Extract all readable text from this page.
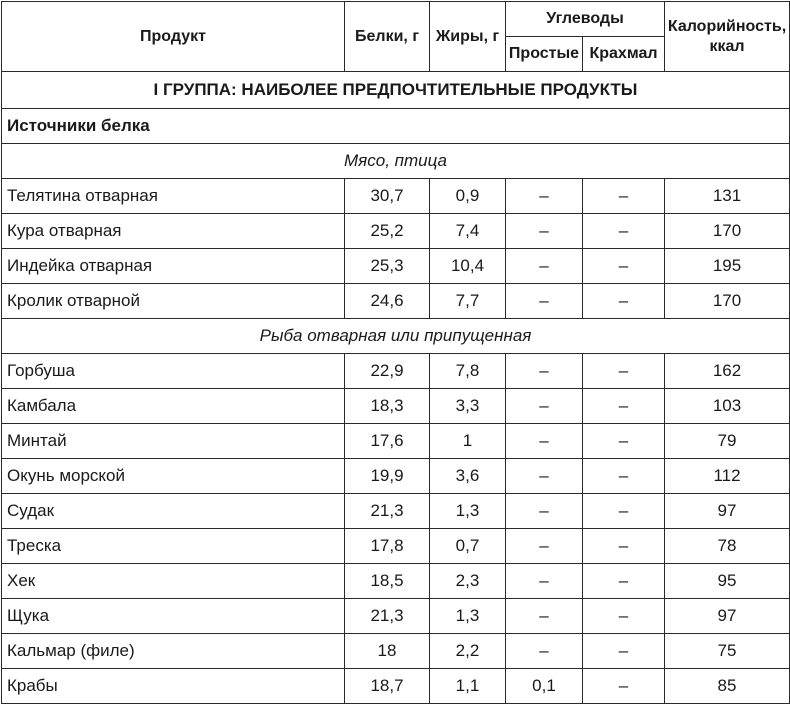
Продукт	Белки, г	Жиры, г	Углеводы		Калорийность,
ккал
			Простые	Крахмал	
I ГРУППА: НАИБОЛЕЕ ПРЕДПОЧТИТЕЛЬНЫЕ ПРОДУКТЫ					
Источники белка					
Мясо, птица					
Телятина отварная	30,7	0,9	–	–	131
Кура отварная	25,2	7,4	–	–	170
Индейка отварная	25,3	10,4	–	–	195
Кролик отварной	24,6	7,7	–	–	170
Рыба отварная или припущенная					
Горбуша	22,9	7,8	–	–	162
Камбала	18,3	3,3	–	–	103
Минтай	17,6	1	–	–	79
Окунь морской	19,9	3,6	–	–	112
Судак	21,3	1,3	–	–	97
Треска	17,8	0,7	–	–	78
Хек	18,5	2,3	–	–	95
Щука	21,3	1,3	–	–	97
Кальмар (филе)	18	2,2	–	–	75
Крабы	18,7	1,1	0,1	–	85
